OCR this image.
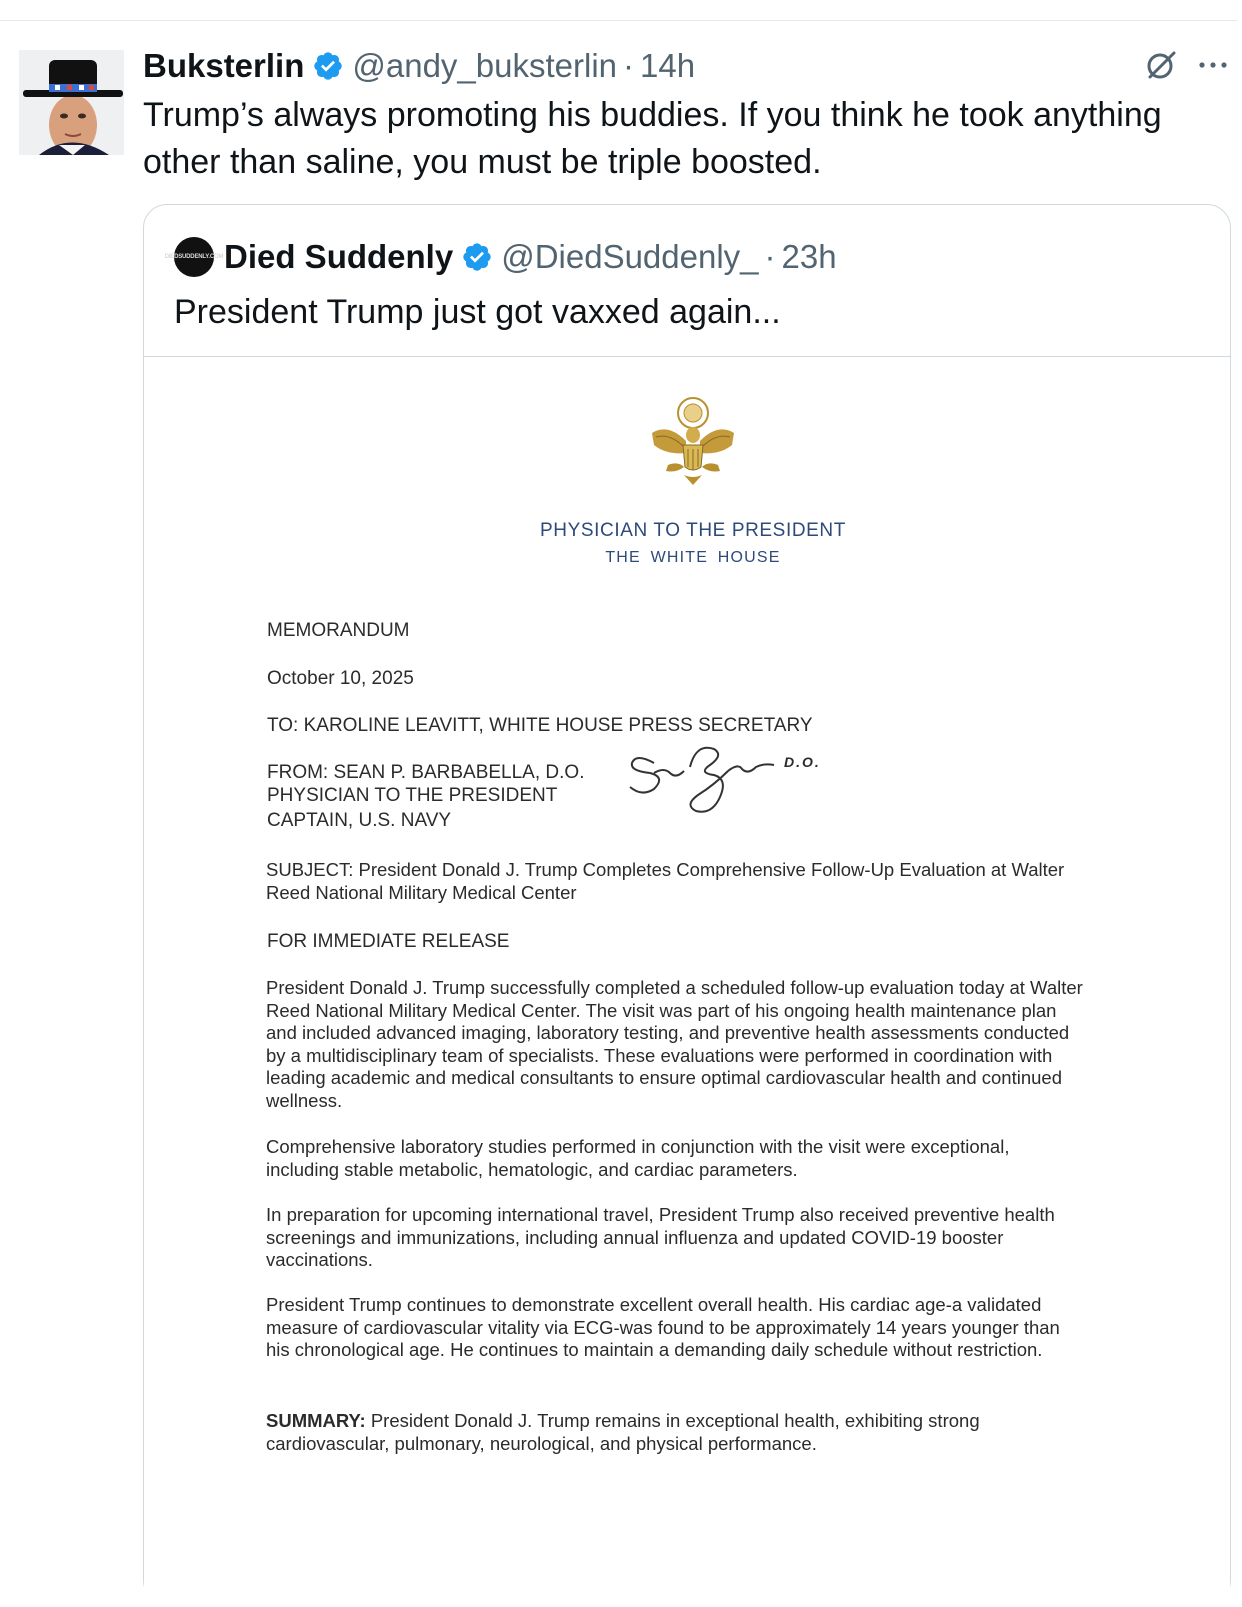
Buksterlin @andy_buksterlin · 14h
Trump’s always promoting his buddies. If you think he took anything other than saline, you must be triple boosted.
DIEDSUDDENLY.COM Died Suddenly @DiedSuddenly_ · 23h
President Trump just got vaxxed again...
PHYSICIAN TO THE PRESIDENT
THE WHITE HOUSE
MEMORANDUM
October 10, 2025
TO: KAROLINE LEAVITT, WHITE HOUSE PRESS SECRETARY
FROM: SEAN P. BARBABELLA, D.O.
PHYSICIAN TO THE PRESIDENT
CAPTAIN, U.S. NAVY
D.O.
SUBJECT: President Donald J. Trump Completes Comprehensive Follow-Up Evaluation at Walter Reed National Military Medical Center
FOR IMMEDIATE RELEASE
President Donald J. Trump successfully completed a scheduled follow-up evaluation today at Walter Reed National Military Medical Center. The visit was part of his ongoing health maintenance plan and included advanced imaging, laboratory testing, and preventive health assessments conducted by a multidisciplinary team of specialists. These evaluations were performed in coordination with leading academic and medical consultants to ensure optimal cardiovascular health and continued wellness.
Comprehensive laboratory studies performed in conjunction with the visit were exceptional, including stable metabolic, hematologic, and cardiac parameters.
In preparation for upcoming international travel, President Trump also received preventive health screenings and immunizations, including annual influenza and updated COVID-19 booster vaccinations.
President Trump continues to demonstrate excellent overall health. His cardiac age-a validated measure of cardiovascular vitality via ECG-was found to be approximately 14 years younger than his chronological age. He continues to maintain a demanding daily schedule without restriction.
SUMMARY: President Donald J. Trump remains in exceptional health, exhibiting strong cardiovascular, pulmonary, neurological, and physical performance.
